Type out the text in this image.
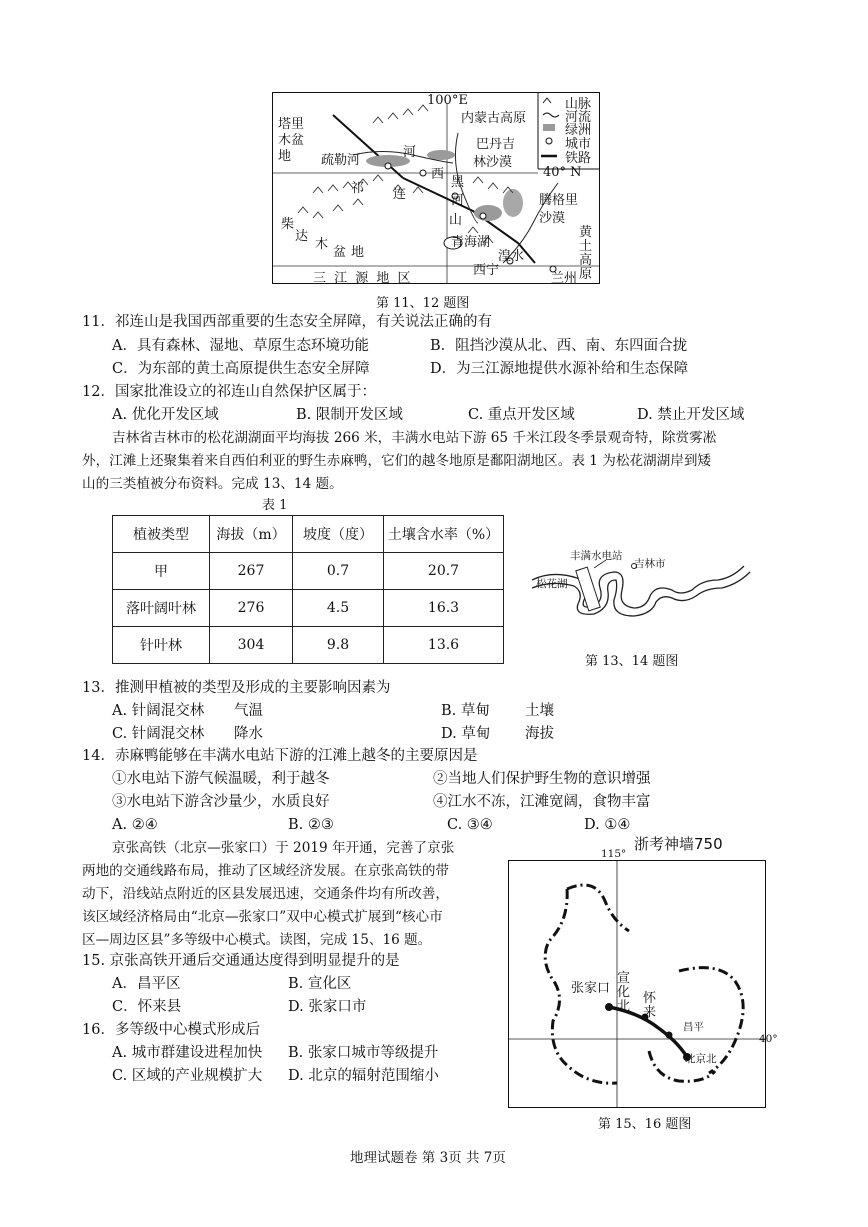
山脉
河流
绿洲
城市
铁路
100°E
40° N
塔里
木盆
地 疏勒河
河
内蒙古高原
巴丹吉
林沙漠
祁 连
山
西
黑
河
柴
达
木
盆 地
青海湖
湟水
西宁
兰州
腾格里
沙漠
黄
土
高
原
三 江 源 地 区
第 11、12 题图
11．祁连山是我国西部重要的生态安全屏障，有关说法正确的有
A．具有森林、湿地、草原生态环境功能	B．阻挡沙漠从北、西、南、东四面合拢
C．为东部的黄土高原提供生态安全屏障	D．为三江源地提供水源补给和生态保障
12．国家批准设立的祁连山自然保护区属于：
A. 优化开发区域	B. 限制开发区域	C. 重点开发区域	D. 禁止开发区域
吉林省吉林市的松花湖湖面平均海拔 266 米，丰满水电站下游 65 千米江段冬季景观奇特，除赏雾凇
外，江滩上还聚集着来自西伯利亚的野生赤麻鸭，它们的越冬地原是鄱阳湖地区。表 1 为松花湖湖岸到矮
山的三类植被分布资料。完成 13、14 题。
表 1
植被类型	海拔（m）	坡度（度）	土壤含水率（%）
甲	267	0.7	20.7
落叶阔叶林	276	4.5	16.3
针叶林	304	9.8	13.6
丰满水电站
吉林市
松花湖
第 13、14 题图
13．推测甲植被的类型及形成的主要影响因素为
A. 针阔混交林 气温	B. 草甸 土壤
C. 针阔混交林 降水	D. 草甸 海拔
14．赤麻鸭能够在丰满水电站下游的江滩上越冬的主要原因是
①水电站下游气候温暖，利于越冬	②当地人们保护野生物的意识增强
③水电站下游含沙量少，水质良好	④江水不冻，江滩宽阔，食物丰富
A. ②④	B. ②③	C. ③④	D. ①④
京张高铁（北京—张家口）于 2019 年开通，完善了京张
两地的交通线路布局，推动了区域经济发展。在京张高铁的带
动下，沿线站点附近的区县发展迅速，交通条件均有所改善，
该区域经济格局由“北京—张家口”双中心模式扩展到“核心市
区—周边区县”多等级中心模式。读图，完成 15、16 题。
浙考神墙750
115°
40°
张家口
宣
化
北
怀
来
昌平
北京北
第 15、16 题图
15. 京张高铁开通后交通通达度得到明显提升的是
A．昌平区	B. 宣化区
C．怀来县	D. 张家口市
16．多等级中心模式形成后
A. 城市群建设进程加快 B. 张家口城市等级提升
C. 区域的产业规模扩大 D. 北京的辐射范围缩小
地理试题卷 第 3页 共 7页
